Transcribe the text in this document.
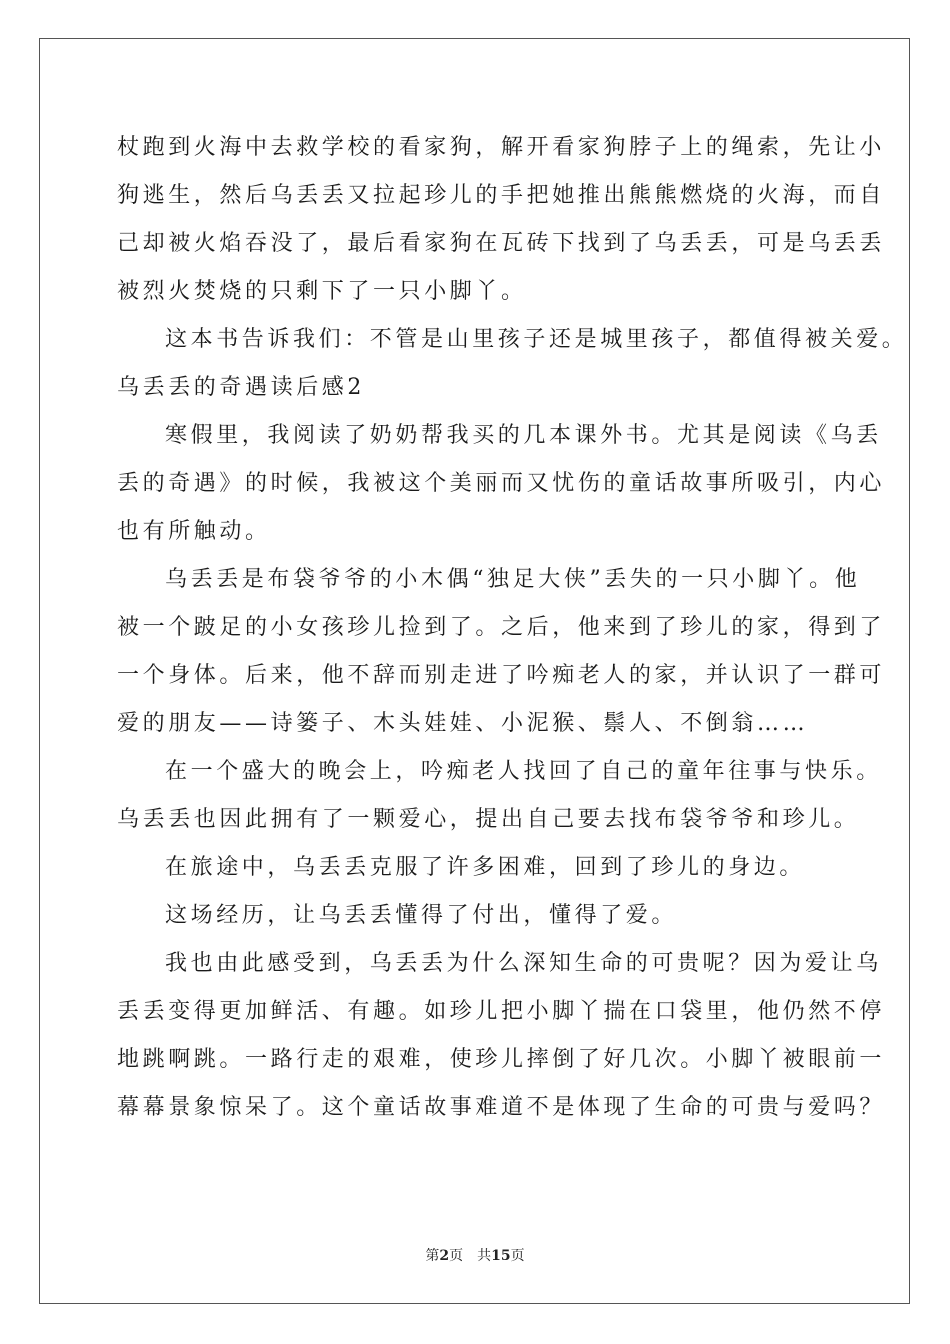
杖跑到火海中去救学校的看家狗，解开看家狗脖子上的绳索，先让小
狗逃生，然后乌丢丢又拉起珍儿的手把她推出熊熊燃烧的火海，而自
己却被火焰吞没了，最后看家狗在瓦砖下找到了乌丢丢，可是乌丢丢
被烈火焚烧的只剩下了一只小脚丫。
这本书告诉我们：不管是山里孩子还是城里孩子，都值得被关爱。
乌丢丢的奇遇读后感2
寒假里，我阅读了奶奶帮我买的几本课外书。尤其是阅读《乌丢
丢的奇遇》的时候，我被这个美丽而又忧伤的童话故事所吸引，内心
也有所触动。
乌丢丢是布袋爷爷的小木偶“独足大侠”丢失的一只小脚丫。他
被一个跛足的小女孩珍儿捡到了。之后，他来到了珍儿的家，得到了
一个身体。后来，他不辞而别走进了吟痴老人的家，并认识了一群可
爱的朋友——诗篓子、木头娃娃、小泥猴、鬃人、不倒翁……
在一个盛大的晚会上，吟痴老人找回了自己的童年往事与快乐。
乌丢丢也因此拥有了一颗爱心，提出自己要去找布袋爷爷和珍儿。
在旅途中，乌丢丢克服了许多困难，回到了珍儿的身边。
这场经历，让乌丢丢懂得了付出，懂得了爱。
我也由此感受到，乌丢丢为什么深知生命的可贵呢？因为爱让乌
丢丢变得更加鲜活、有趣。如珍儿把小脚丫揣在口袋里，他仍然不停
地跳啊跳。一路行走的艰难，使珍儿摔倒了好几次。小脚丫被眼前一
幕幕景象惊呆了。这个童话故事难道不是体现了生命的可贵与爱吗？
第2页 共15页
